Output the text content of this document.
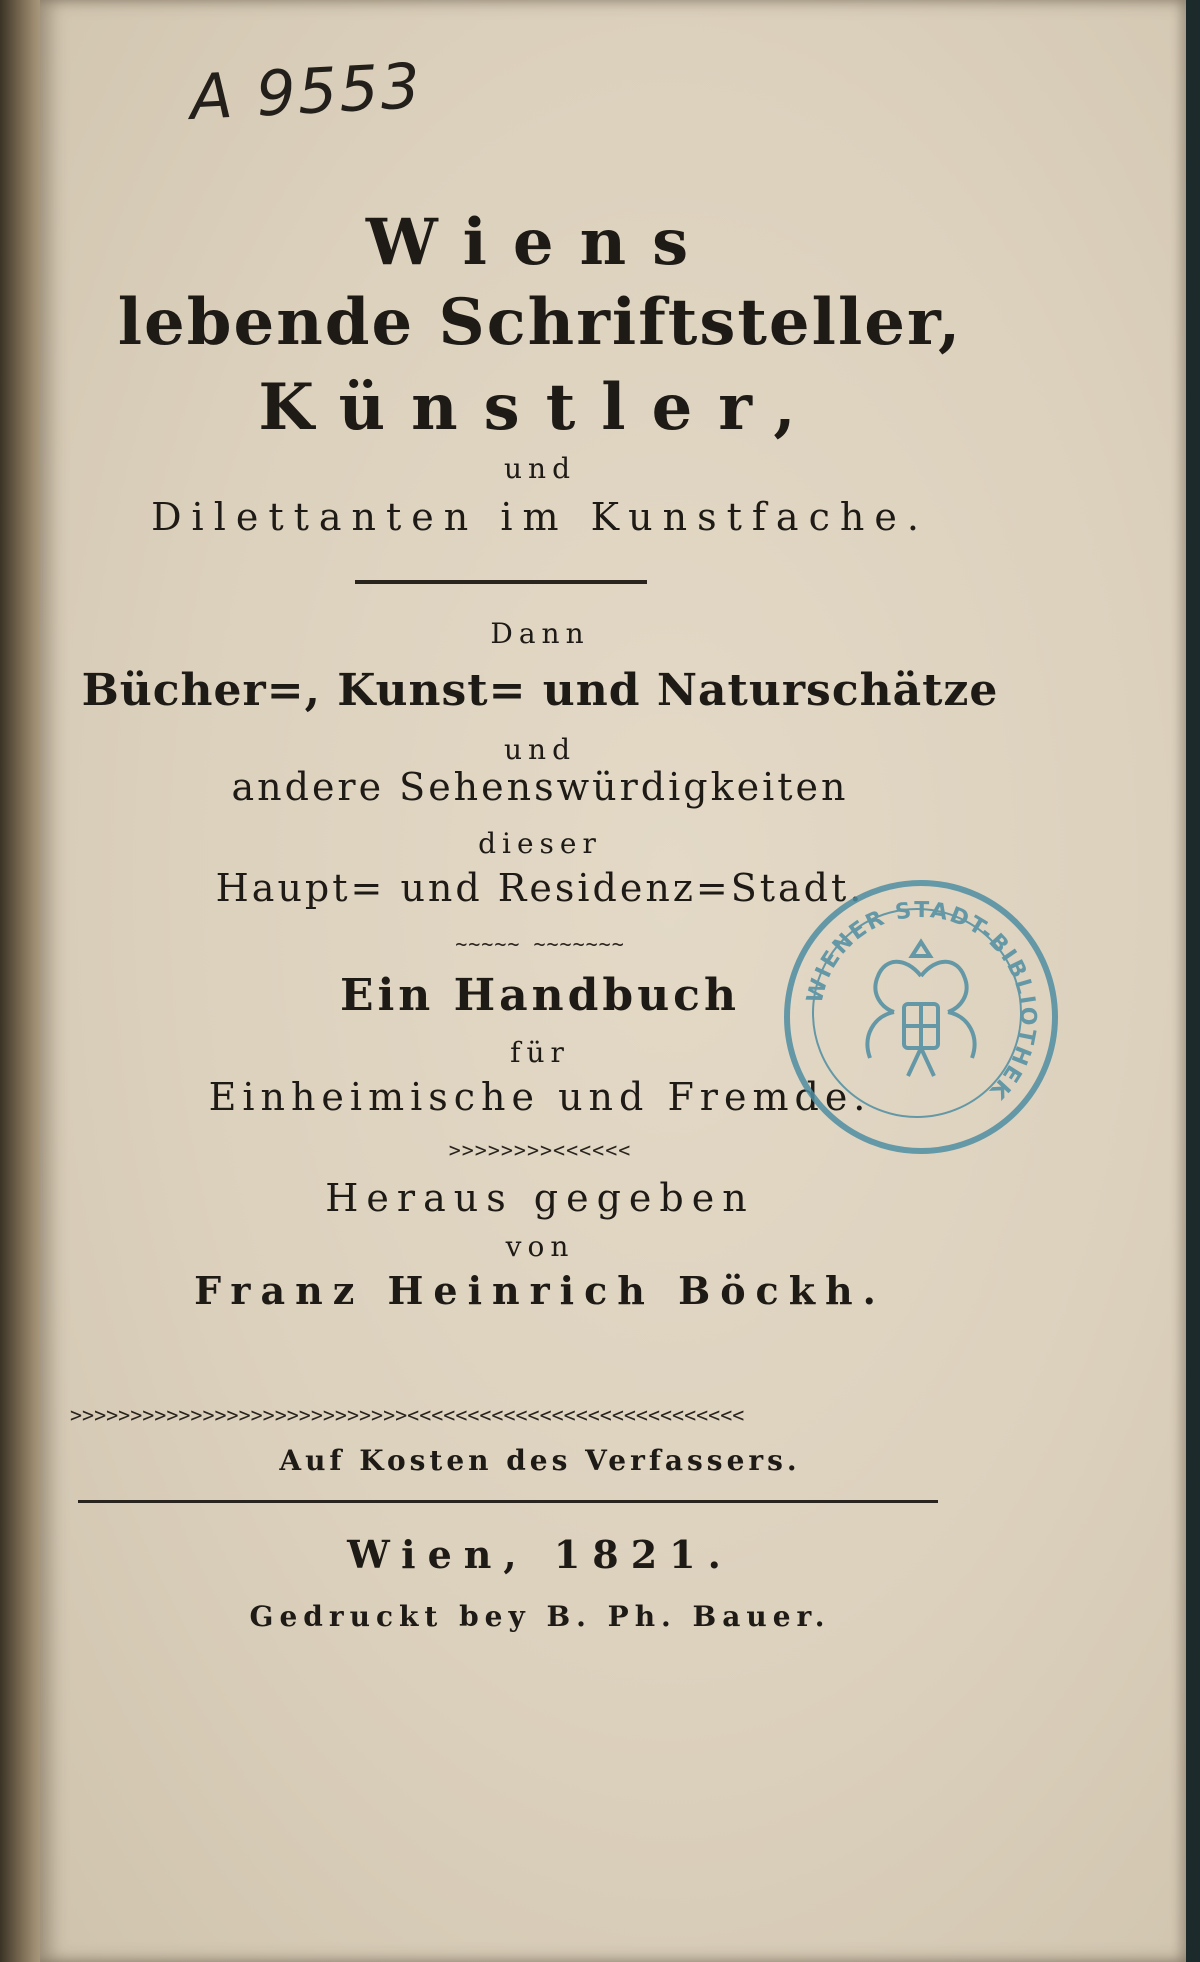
A 9553
Wiens
lebende Schriftsteller,
Künstler,
und
Dilettanten im Kunstfache.
Dann
Bücher=, Kunst= und Naturschätze
und
andere Sehenswürdigkeiten
dieser
Haupt= und Residenz=Stadt.
~~~~~ ~~~~~~~
Ein Handbuch
für
Einheimische und Fremde.
>>>>>>>><<<<<<
Heraus gegeben
von
Franz Heinrich Böckh.
>>>>>>>>>>>>>>>>>>>>>>>>>>>><<<<<<<<<<<<<<<<<<<<<<<<<<<<
Auf Kosten des Verfassers.
Wien, 1821.
Gedruckt bey B. Ph. Bauer.
WIENER STADT-BIBLIOTHEK
